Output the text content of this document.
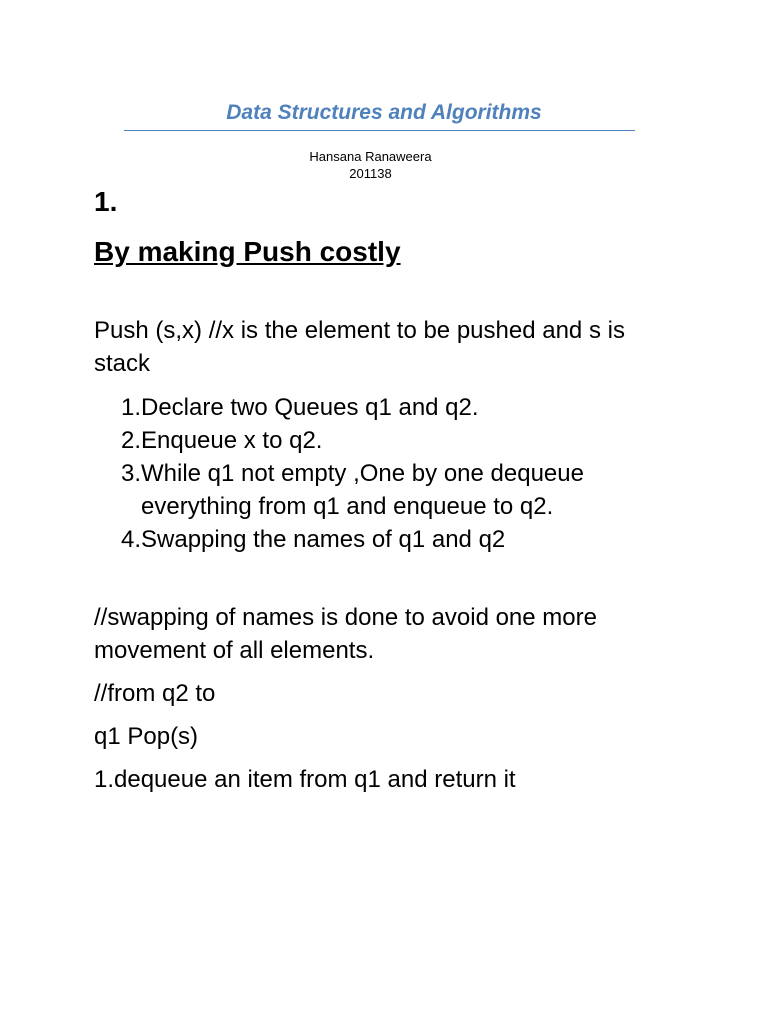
Data Structures and Algorithms
Hansana Ranaweera
201138
1.
By making Push costly
Push (s,x) //x is the element to be pushed and s is stack
1. Declare two Queues q1 and q2.
2. Enqueue x to q2.
3. While q1 not empty ,One by one dequeue everything from q1 and enqueue to q2.
4. Swapping the names of q1 and q2
//swapping of names is done to avoid one more movement of all elements.
//from q2 to
q1 Pop(s)
1.dequeue an item from q1 and return it
